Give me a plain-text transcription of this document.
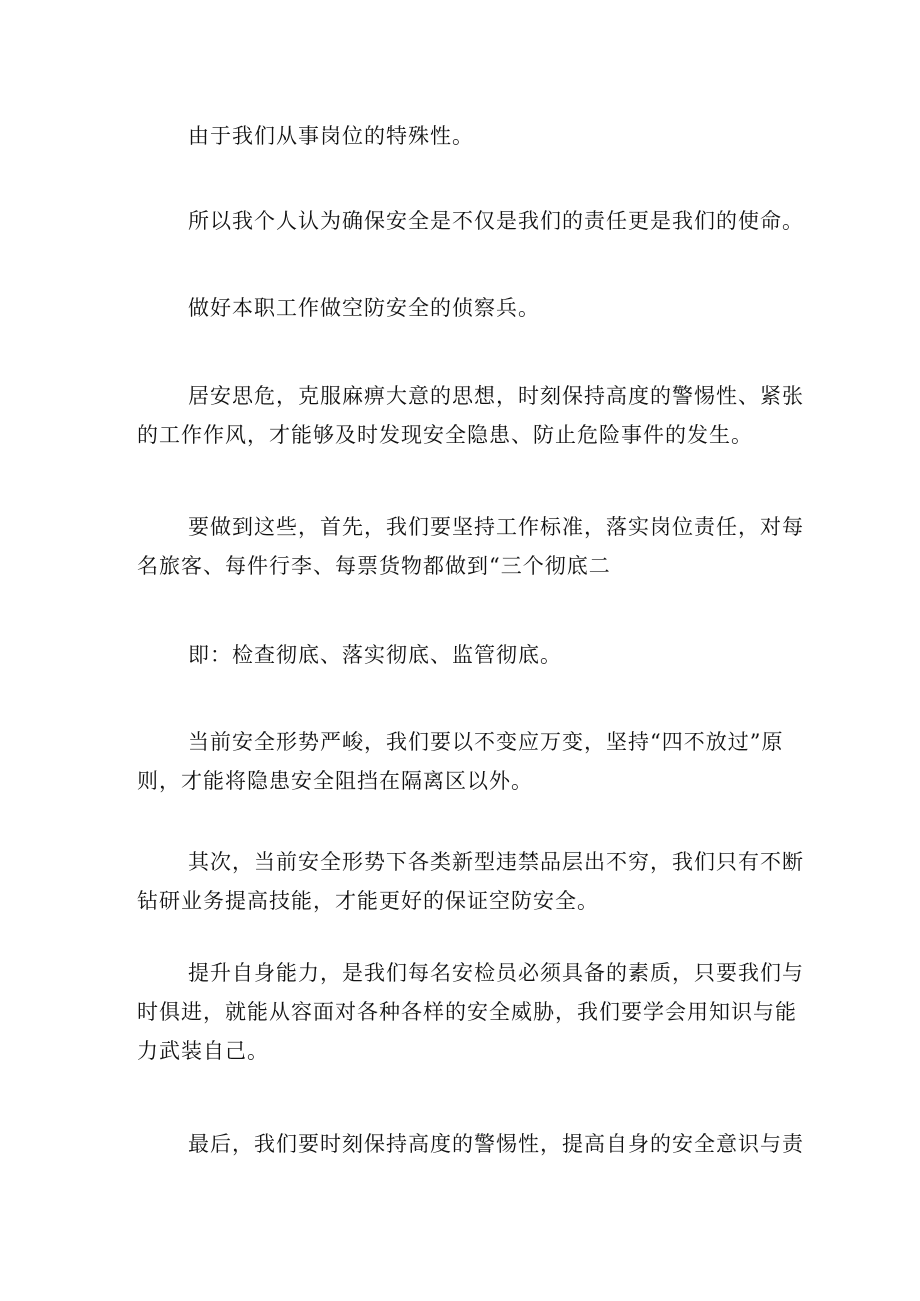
由于我们从事岗位的特殊性。
所以我个人认为确保安全是不仅是我们的责任更是我们的使命。
做好本职工作做空防安全的侦察兵。
居安思危，克服麻痹大意的思想，时刻保持高度的警惕性、紧张
的工作作风，才能够及时发现安全隐患、防止危险事件的发生。
要做到这些，首先，我们要坚持工作标准，落实岗位责任，对每
名旅客、每件行李、每票货物都做到“三个彻底二
即：检查彻底、落实彻底、监管彻底。
当前安全形势严峻，我们要以不变应万变，坚持“四不放过”原
则，才能将隐患安全阻挡在隔离区以外。
其次，当前安全形势下各类新型违禁品层出不穷，我们只有不断
钻研业务提高技能，才能更好的保证空防安全。
提升自身能力，是我们每名安检员必须具备的素质，只要我们与
时俱进，就能从容面对各种各样的安全威胁，我们要学会用知识与能
力武装自己。
最后，我们要时刻保持高度的警惕性，提高自身的安全意识与责
